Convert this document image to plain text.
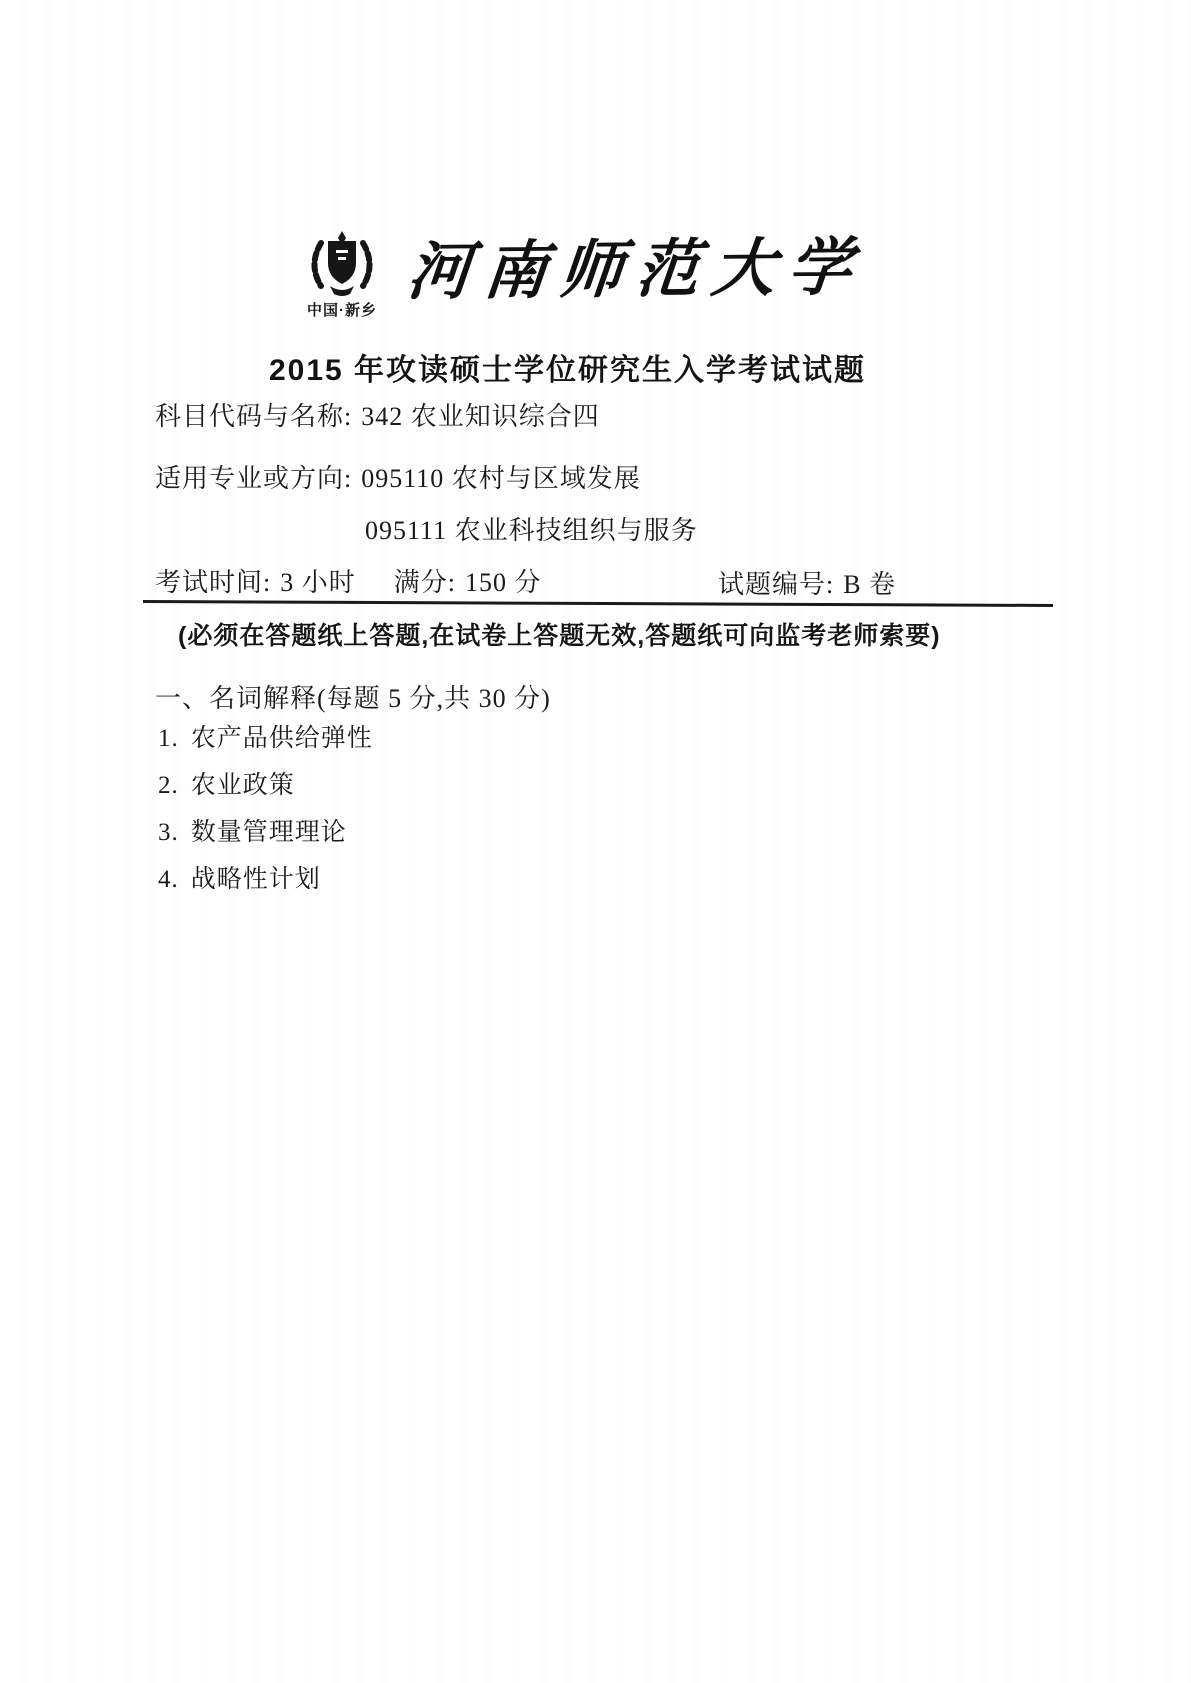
中国·新乡
河南师范大学
2015 年攻读硕士学位研究生入学考试试题
科目代码与名称: 342 农业知识综合四
适用专业或方向: 095110 农村与区域发展
095111 农业科技组织与服务
考试时间: 3 小时 满分: 150 分	试题编号: B 卷
(必须在答题纸上答题,在试卷上答题无效,答题纸可向监考老师索要)
一、名词解释(每题 5 分,共 30 分)
1. 农产品供给弹性
2. 农业政策
3. 数量管理理论
4. 战略性计划
